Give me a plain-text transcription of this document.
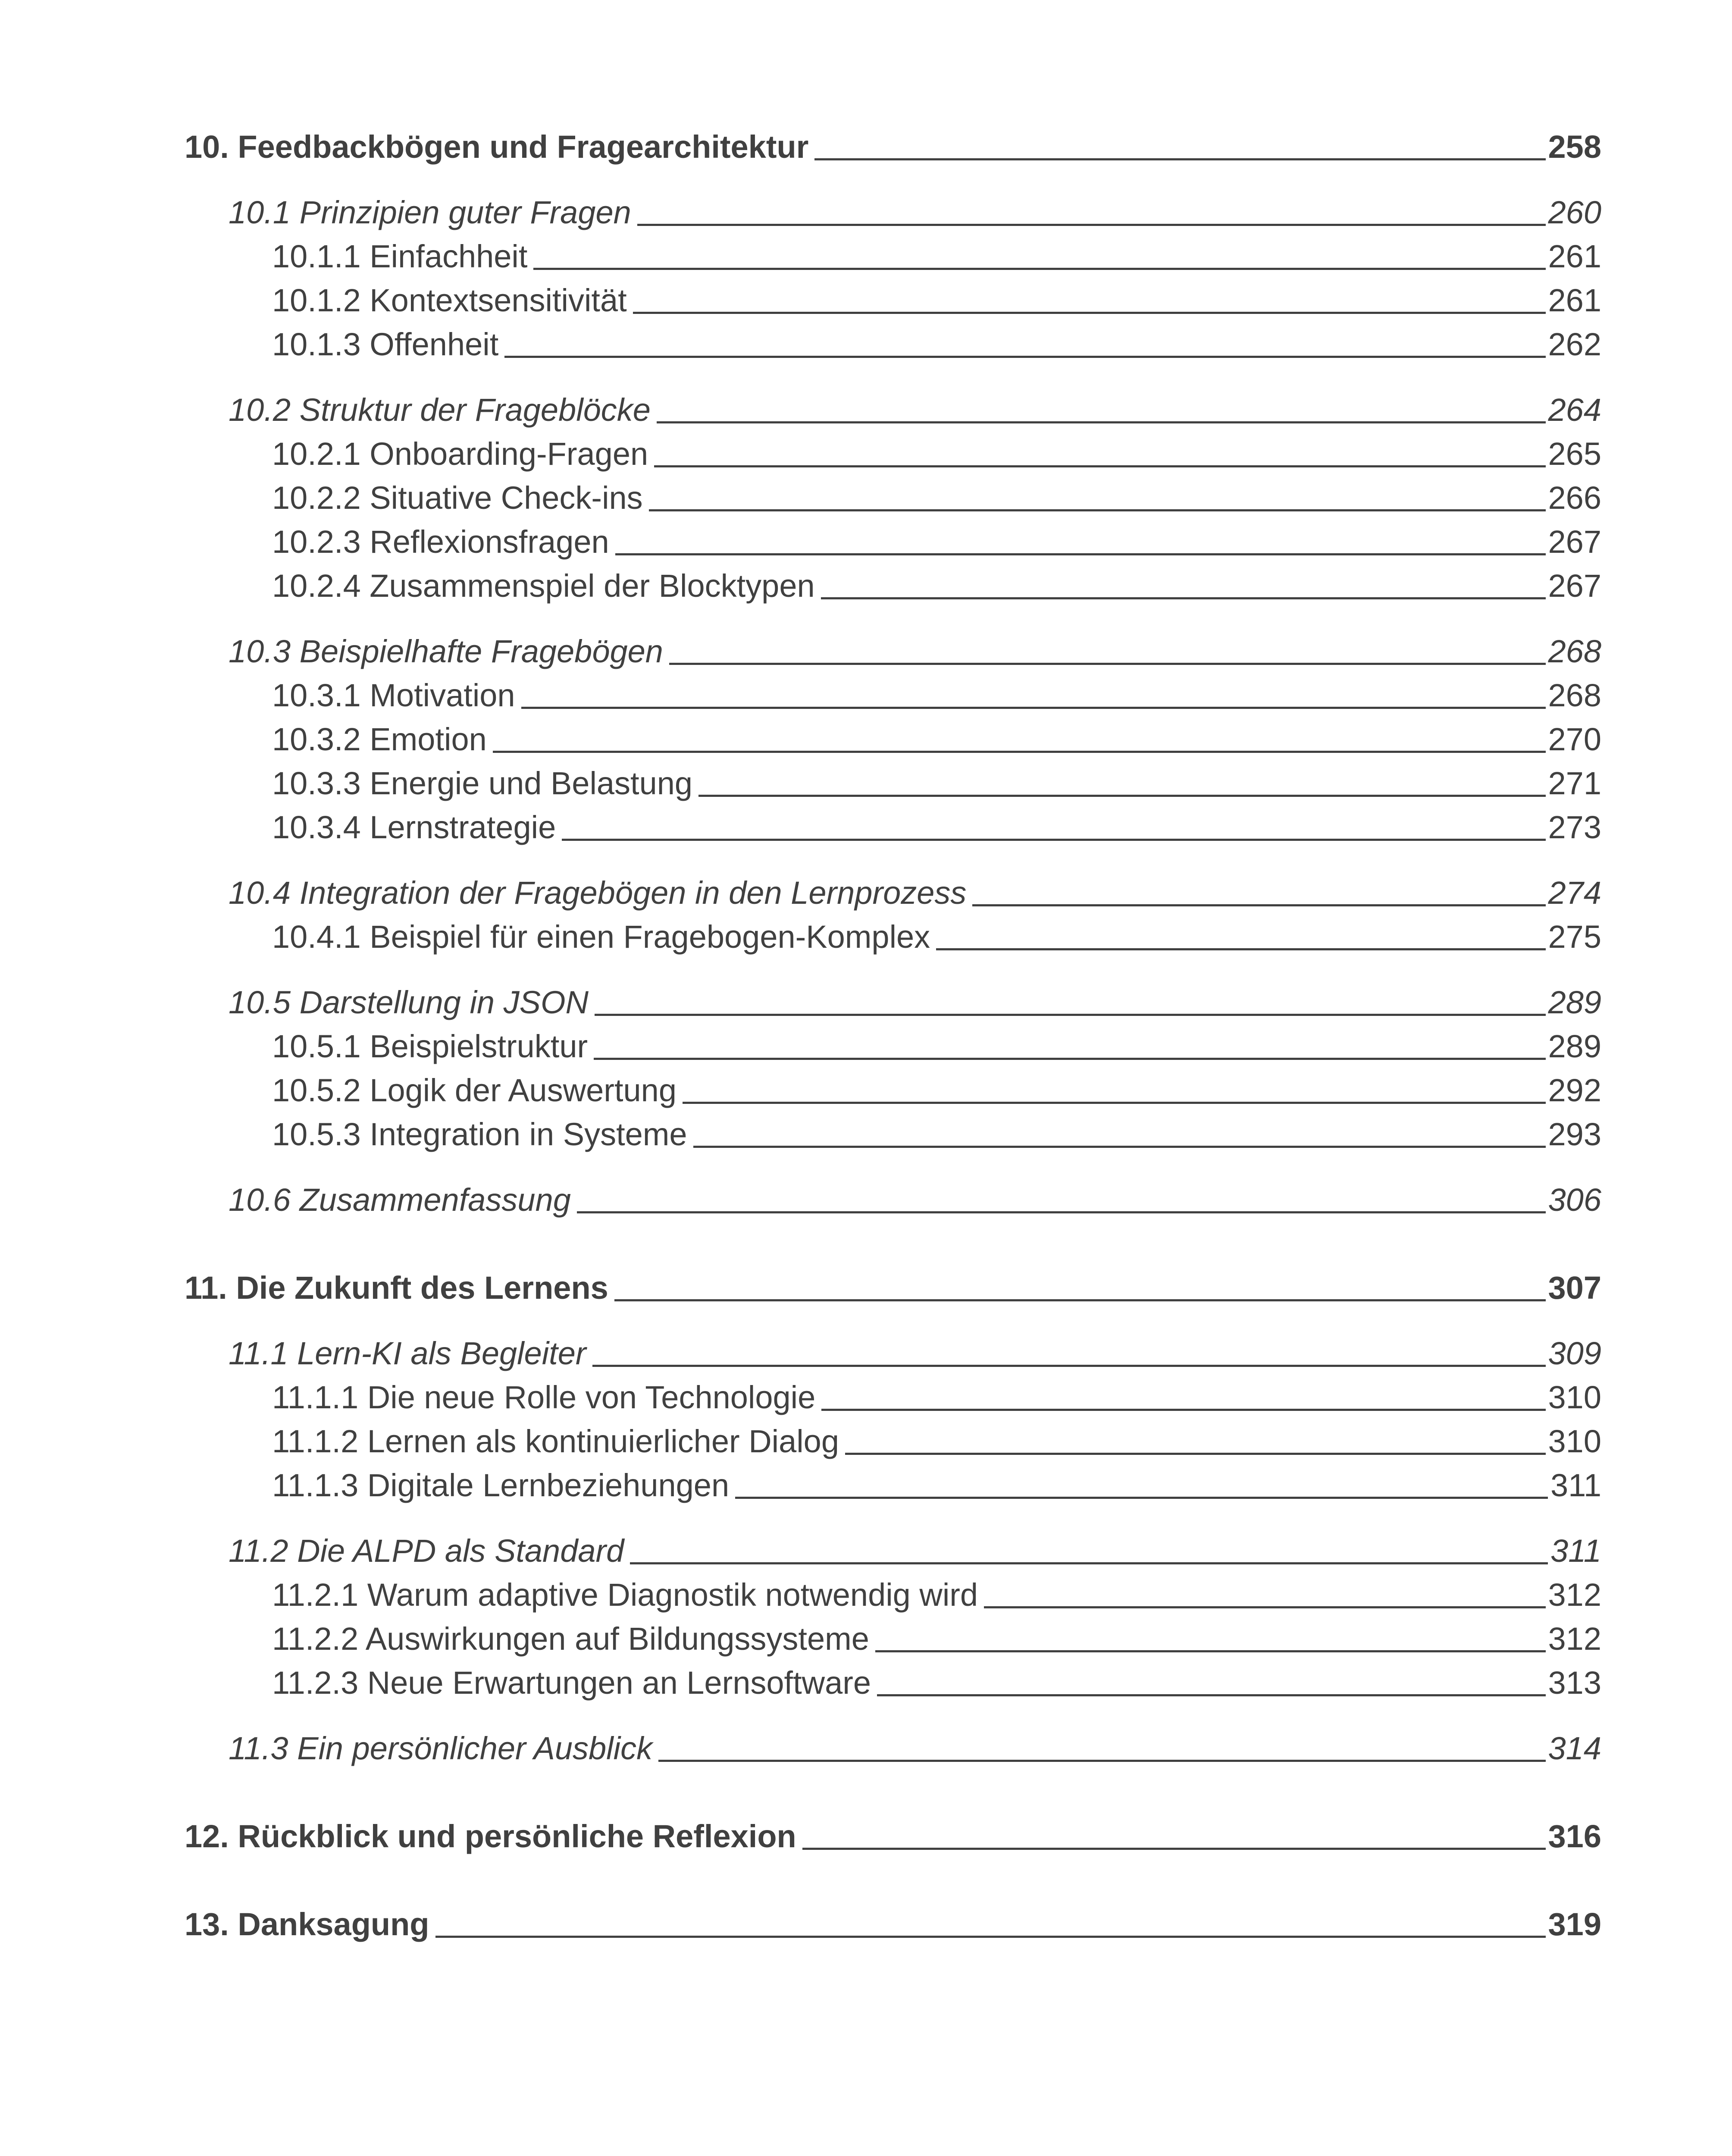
10. Feedbackbögen und Fragearchitektur	258
10.1 Prinzipien guter Fragen	260
10.1.1 Einfachheit	261
10.1.2 Kontextsensitivität	261
10.1.3 Offenheit	262
10.2 Struktur der Frageblöcke	264
10.2.1 Onboarding-Fragen	265
10.2.2 Situative Check-ins	266
10.2.3 Reflexionsfragen	267
10.2.4 Zusammenspiel der Blocktypen	267
10.3 Beispielhafte Fragebögen	268
10.3.1 Motivation	268
10.3.2 Emotion	270
10.3.3 Energie und Belastung	271
10.3.4 Lernstrategie	273
10.4 Integration der Fragebögen in den Lernprozess	274
10.4.1 Beispiel für einen Fragebogen-Komplex	275
10.5 Darstellung in JSON	289
10.5.1 Beispielstruktur	289
10.5.2 Logik der Auswertung	292
10.5.3 Integration in Systeme	293
10.6 Zusammenfassung	306
11. Die Zukunft des Lernens	307
11.1 Lern-KI als Begleiter	309
11.1.1 Die neue Rolle von Technologie	310
11.1.2 Lernen als kontinuierlicher Dialog	310
11.1.3 Digitale Lernbeziehungen	311
11.2 Die ALPD als Standard	311
11.2.1 Warum adaptive Diagnostik notwendig wird	312
11.2.2 Auswirkungen auf Bildungssysteme	312
11.2.3 Neue Erwartungen an Lernsoftware	313
11.3 Ein persönlicher Ausblick	314
12. Rückblick und persönliche Reflexion	316
13. Danksagung	319
